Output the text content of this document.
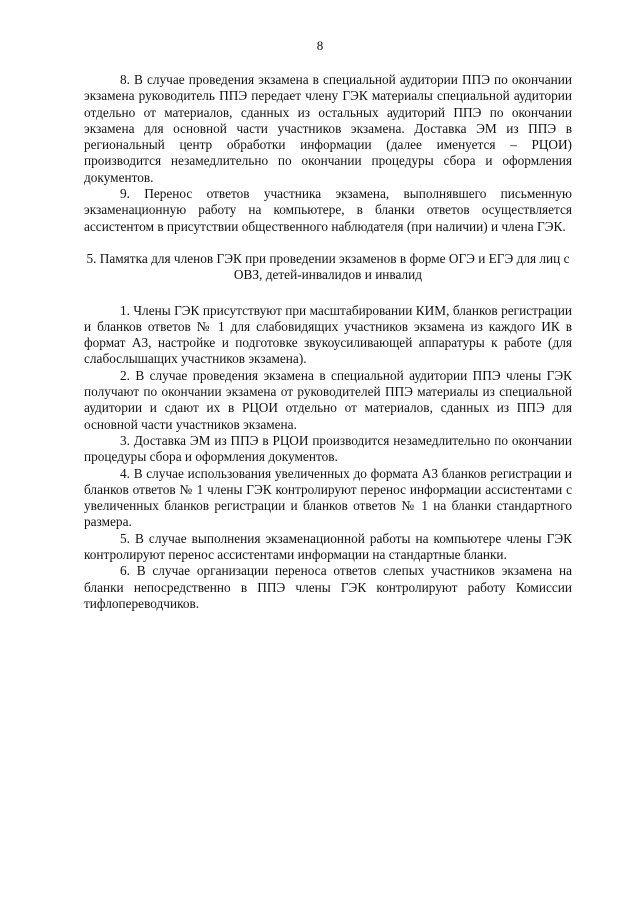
8

8. В случае проведения экзамена в специальной аудитории ППЭ по окончании экзамена руководитель ППЭ передает члену ГЭК материалы специальной аудитории отдельно от материалов, сданных из остальных аудиторий ППЭ по окончании экзамена для основной части участников экзамена. Доставка ЭМ из ППЭ в региональный центр обработки информации (далее именуется – РЦОИ) производится незамедлительно по окончании процедуры сбора и оформления документов.

9. Перенос ответов участника экзамена, выполнявшего письменную экзаменационную работу на компьютере, в бланки ответов осуществляется ассистентом в присутствии общественного наблюдателя (при наличии) и члена ГЭК.

5. Памятка для членов ГЭК при проведении экзаменов в форме ОГЭ и ЕГЭ для лиц с ОВЗ, детей-инвалидов и инвалид

1. Члены ГЭК присутствуют при масштабировании КИМ, бланков регистрации и бланков ответов № 1 для слабовидящих участников экзамена из каждого ИК в формат А3, настройке и подготовке звукоусиливающей аппаратуры к работе (для слабослышащих участников экзамена).

2. В случае проведения экзамена в специальной аудитории ППЭ члены ГЭК получают по окончании экзамена от руководителей ППЭ материалы из специальной аудитории и сдают их в РЦОИ отдельно от материалов, сданных из ППЭ для основной части участников экзамена.

3. Доставка ЭМ из ППЭ в РЦОИ производится незамедлительно по окончании процедуры сбора и оформления документов.

4. В случае использования увеличенных до формата А3 бланков регистрации и бланков ответов № 1 члены ГЭК контролируют перенос информации ассистентами с увеличенных бланков регистрации и бланков ответов № 1 на бланки стандартного размера.

5. В случае выполнения экзаменационной работы на компьютере члены ГЭК контролируют перенос ассистентами информации на стандартные бланки.

6. В случае организации переноса ответов слепых участников экзамена на бланки непосредственно в ППЭ члены ГЭК контролируют работу Комиссии тифлопереводчиков.
